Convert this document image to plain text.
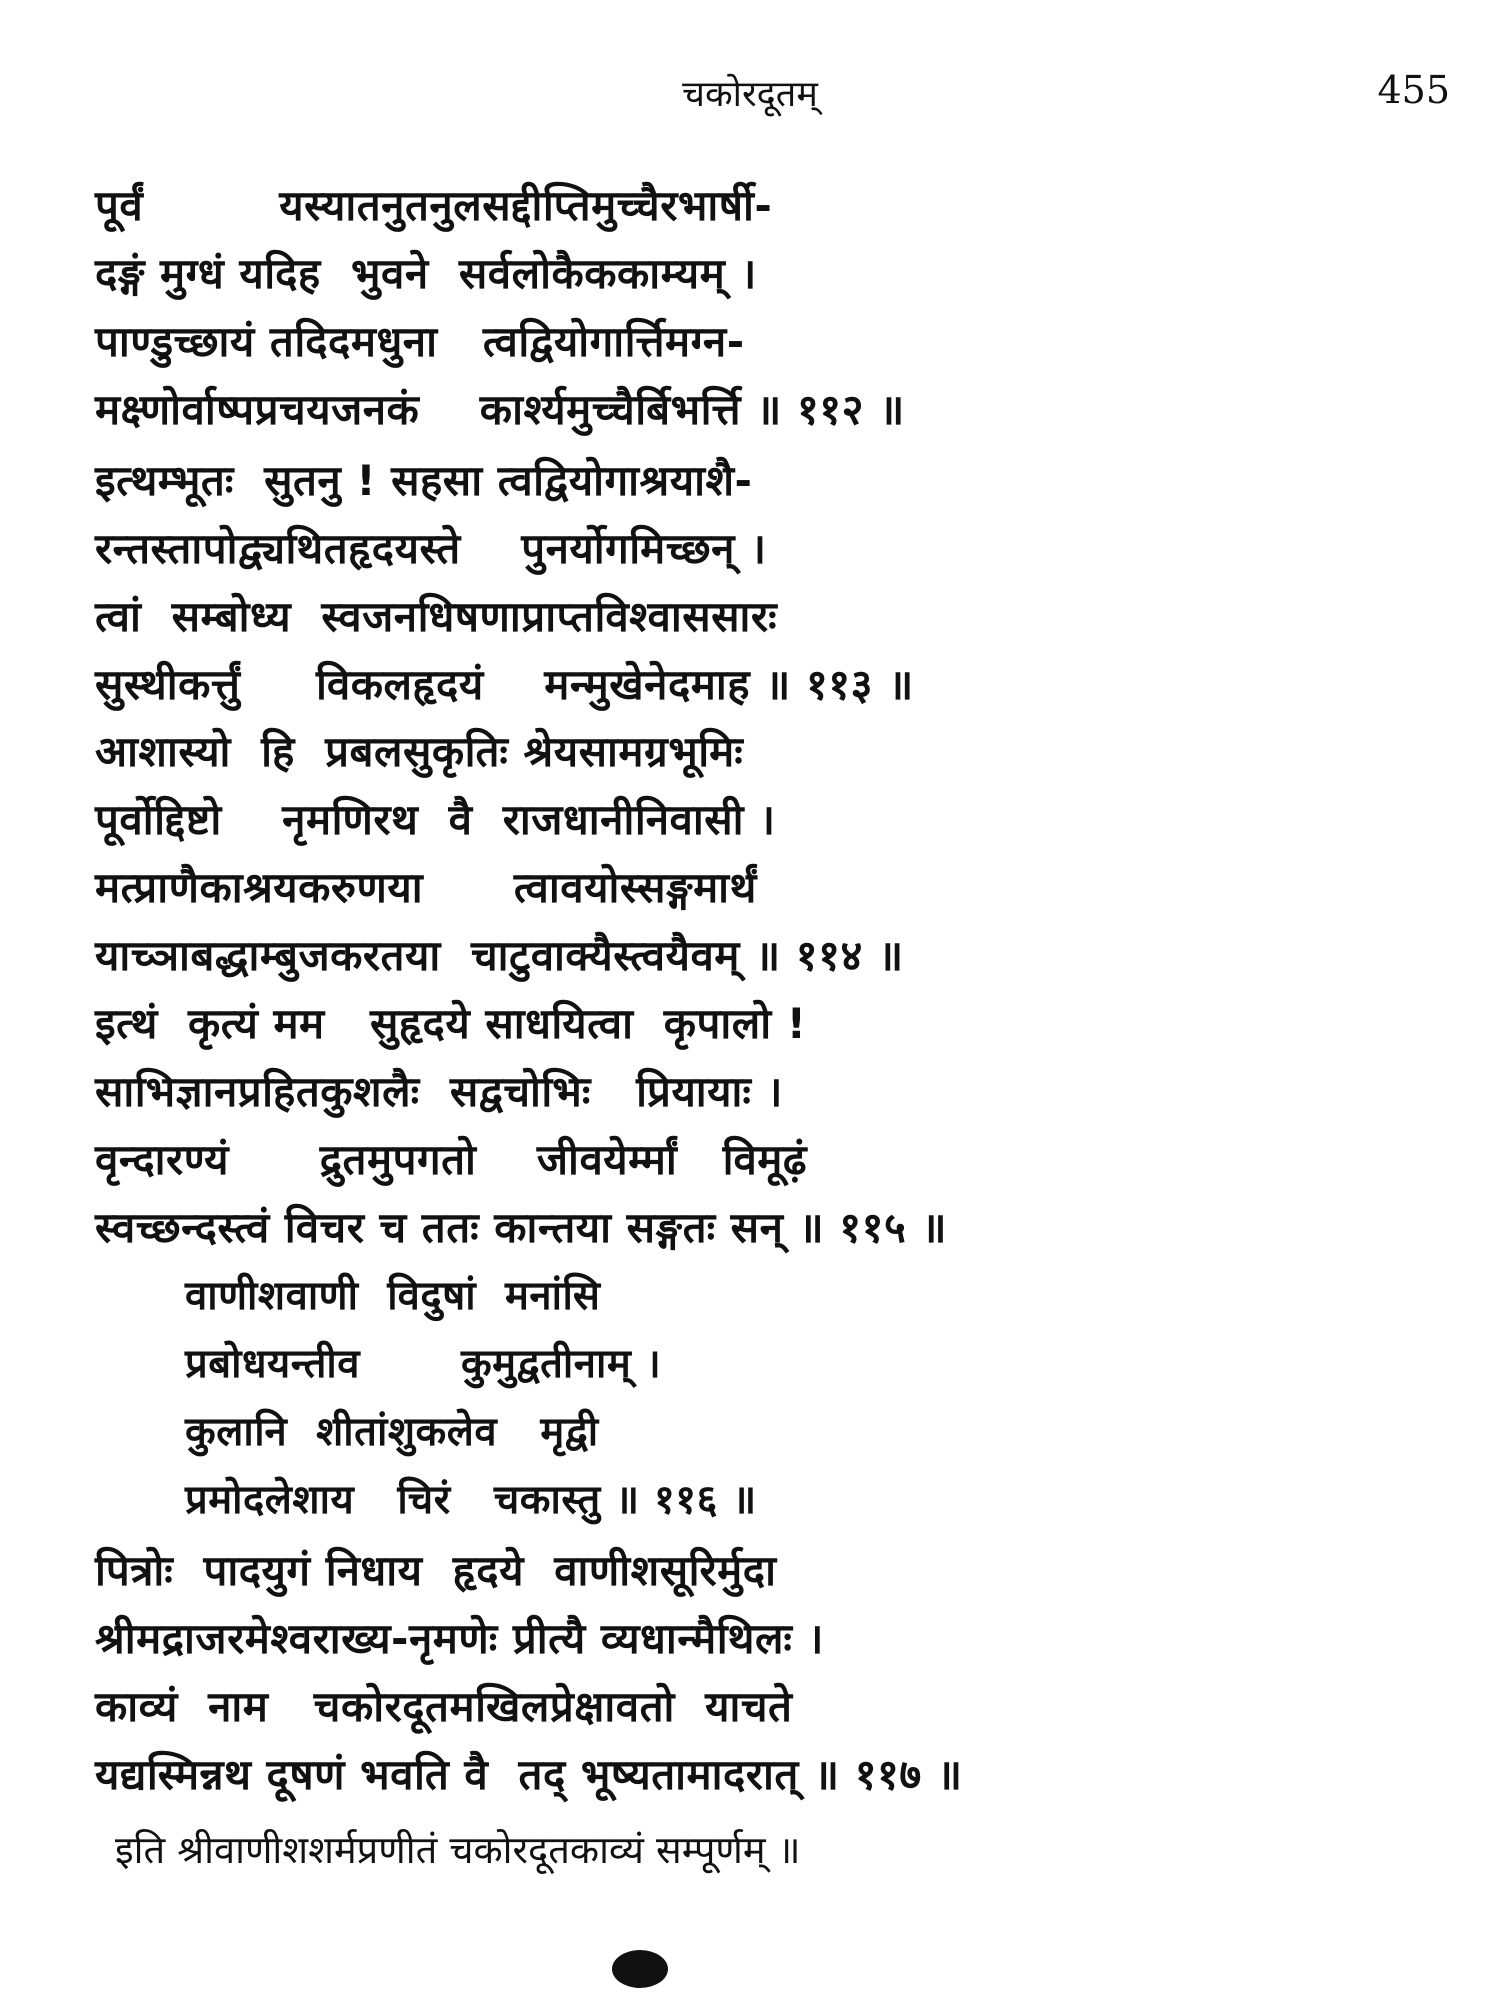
चकोरदूतम्	455
पूर्वं         यस्यातनुतनुलसद्दीप्तिमुच्चैरभार्षी-
दङ्गं मुग्धं यदिह  भुवने  सर्वलोकैककाम्यम् ।
पाण्डुच्छायं तदिदमधुना   त्वद्वियोगार्त्तिमग्न-
मक्ष्णोर्वाष्पप्रचयजनकं    कार्श्यमुच्चैर्बिभर्त्ति ॥ ११२ ॥
इत्थम्भूतः  सुतनु ! सहसा त्वद्वियोगाश्रयाशै-
रन्तस्तापोद्व्यथितहृदयस्ते    पुनर्योगमिच्छन् ।
त्वां  सम्बोध्य  स्वजनधिषणाप्राप्तविश्वाससारः
सुस्थीकर्त्तुं     विकलहृदयं    मन्मुखेनेदमाह ॥ ११३ ॥
आशास्यो  हि  प्रबलसुकृतिः श्रेयसामग्रभूमिः
पूर्वोद्दिष्टो    नृमणिरथ  वै  राजधानीनिवासी ।
मत्प्राणैकाश्रयकरुणया      त्वावयोस्सङ्गमार्थं
याच्ञाबद्धाम्बुजकरतया  चाटुवाक्यैस्त्वयैवम् ॥ ११४ ॥
इत्थं  कृत्यं मम   सुहृदये साधयित्वा  कृपालो !
साभिज्ञानप्रहितकुशलैः  सद्वचोभिः   प्रियायाः ।
वृन्दारण्यं      द्रुतमुपगतो    जीवयेर्म्मां   विमूढ़ं
स्वच्छन्दस्त्वं विचर च ततः कान्तया सङ्गतः सन् ॥ ११५ ॥
वाणीशवाणी  विदुषां  मनांसि
प्रबोधयन्तीव       कुमुद्वतीनाम् ।
कुलानि  शीतांशुकलेव   मृद्वी
प्रमोदलेशाय   चिरं   चकास्तु ॥ ११६ ॥
पित्रोः  पादयुगं निधाय  हृदये  वाणीशसूरिर्मुदा
श्रीमद्राजरमेश्वराख्य-नृमणेः प्रीत्यै व्यधान्मैथिलः ।
काव्यं  नाम   चकोरदूतमखिलप्रेक्षावतो  याचते
यद्यस्मिन्नथ दूषणं भवति वै  तद् भूष्यतामादरात् ॥ ११७ ॥
इति श्रीवाणीशशर्मप्रणीतं चकोरदूतकाव्यं सम्पूर्णम् ॥
